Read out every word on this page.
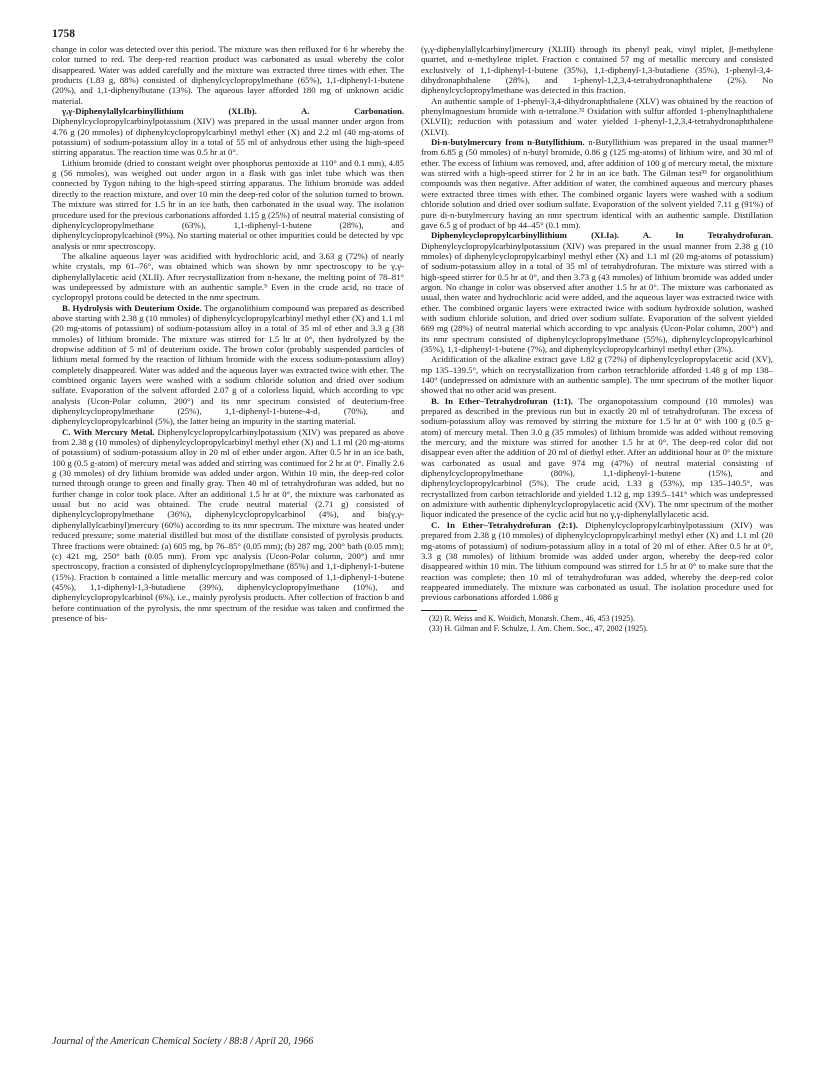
1758

change in color was detected over this period. The mixture was then refluxed for 6 hr whereby the color turned to red. The deep-red reaction product was carbonated as usual whereby the color disappeared. Water was added carefully and the mixture was extracted three times with ether. The products (1.83 g, 88%) consisted of diphenylcyclopropylmethane (65%), 1,1-diphenyl-1-butene (20%), and 1,1-diphenylbutane (13%). The aqueous layer afforded 180 mg of unknown acidic material.

γ,γ-Diphenylallylcarbinyllithium (XLIb). A. Carbonation. Diphenylcyclopropylcarbinylpotassium (XIV) was prepared in the usual manner under argon from 4.76 g (20 mmoles) of diphenylcyclopropylcarbinyl methyl ether (X) and 2.2 ml (40 mg-atoms of potassium) of sodium-potassium alloy in a total of 55 ml of anhydrous ether using the high-speed stirring apparatus. The reaction time was 0.5 hr at 0°.

Lithium bromide (dried to constant weight over phosphorus pentoxide at 110° and 0.1 mm), 4.85 g (56 mmoles), was weighed out under argon in a flask with gas inlet tube which was then connected by Tygon tubing to the high-speed stirring apparatus. The lithium bromide was added directly to the reaction mixture, and over 10 min the deep-red color of the solution turned to brown. The mixture was stirred for 1.5 hr in an ice bath, then carbonated in the usual way. The isolation procedure used for the previous carbonations afforded 1.15 g (25%) of neutral material consisting of diphenylcyclopropylmethane (63%), 1,1-diphenyl-1-butene (28%), and diphenylcyclopropylcarbinol (9%). No starting material or other impurities could be detected by vpc analysis or nmr spectroscopy.

The alkaline aqueous layer was acidified with hydrochloric acid, and 3.63 g (72%) of nearly white crystals, mp 61–76°, was obtained which was shown by nmr spectroscopy to be γ,γ-diphenylallylacetic acid (XLII). After recrystallization from n-hexane, the melting point of 78–81° was undepressed by admixture with an authentic sample.⁵ Even in the crude acid, no trace of cyclopropyl protons could be detected in the nmr spectrum.

B. Hydrolysis with Deuterium Oxide. The organolithium compound was prepared as described above starting with 2.38 g (10 mmoles) of diphenylcyclopropylcarbinyl methyl ether (X) and 1.1 ml (20 mg-atoms of potassium) of sodium-potassium alloy in a total of 35 ml of ether and 3.3 g (38 mmoles) of lithium bromide. The mixture was stirred for 1.5 hr at 0°, then hydrolyzed by the dropwise addition of 5 ml of deuterium oxide. The brown color (probably suspended particles of lithium metal formed by the reaction of lithium bromide with the excess sodium-potassium alloy) completely disappeared. Water was added and the aqueous layer was extracted twice with ether. The combined organic layers were washed with a sodium chloride solution and dried over sodium sulfate. Evaporation of the solvent afforded 2.07 g of a colorless liquid, which according to vpc analysis (Ucon-Polar column, 200°) and its nmr spectrum consisted of deuterium-free diphenylcyclopropylmethane (25%), 1,1-diphenyl-1-butene-4-d₁ (70%), and diphenylcyclopropylcarbinol (5%), the latter being an impurity in the starting material.

C. With Mercury Metal. Diphenylcyclopropylcarbinylpotassium (XIV) was prepared as above from 2.38 g (10 mmoles) of diphenylcyclopropylcarbinyl methyl ether (X) and 1.1 ml (20 mg-atoms of potassium) of sodium-potassium alloy in 20 ml of ether under argon. After 0.5 hr in an ice bath, 100 g (0.5 g-atom) of mercury metal was added and stirring was continued for 2 hr at 0°. Finally 2.6 g (30 mmoles) of dry lithium bromide was added under argon. Within 10 min, the deep-red color turned through orange to green and finally gray. Then 40 ml of tetrahydrofuran was added, but no further change in color took place. After an additional 1.5 hr at 0°, the mixture was carbonated as usual but no acid was obtained. The crude neutral material (2.71 g) consisted of diphenylcyclopropylmethane (36%), diphenylcyclopropylcarbinol (4%), and bis(γ,γ-diphenylallylcarbinyl)mercury (60%) according to its nmr spectrum. The mixture was heated under reduced pressure; some material distilled but most of the distillate consisted of pyrolysis products. Three fractions were obtained: (a) 605 mg, bp 76–85° (0.05 mm); (b) 287 mg, 200° bath (0.05 mm); (c) 421 mg, 250° bath (0.05 mm). From vpc analysis (Ucon-Polar column, 200°) and nmr spectroscopy, fraction a consisted of diphenylcyclopropylmethane (85%) and 1,1-diphenyl-1-butene (15%). Fraction b contained a little metallic mercury and was composed of 1,1-diphenyl-1-butene (45%), 1,1-diphenyl-1,3-butadiene (39%), diphenylcyclopropylmethane (10%), and diphenylcyclopropylcarbinol (6%), i.e., mainly pyrolysis products. After collection of fraction b and before continuation of the pyrolysis, the nmr spectrum of the residue was taken and confirmed the presence of bis-

(γ,γ-diphenylallylcarbinyl)mercury (XLIII) through its phenyl peak, vinyl triplet, β-methylene quartet, and α-methylene triplet. Fraction c contained 57 mg of metallic mercury and consisted exclusively of 1,1-diphenyl-1-butene (35%), 1,1-diphenyl-1,3-butadiene (35%), 1-phenyl-3,4-dihydronaphthalene (28%), and 1-phenyl-1,2,3,4-tetrahydronaphthalene (2%). No diphenylcyclopropylmethane was detected in this fraction.

An authentic sample of 1-phenyl-3,4-dihydronaphthalene (XLV) was obtained by the reaction of phenylmagnesium bromide with α-tetralone.³² Oxidation with sulfur afforded 1-phenylnaphthalene (XLVII); reduction with potassium and water yielded 1-phenyl-1,2,3,4-tetrahydronaphthalene (XLVI).

Di-n-butylmercury from n-Butyllithium. n-Butyllithium was prepared in the usual manner³³ from 6.85 g (50 mmoles) of n-butyl bromide, 0.86 g (125 mg-atoms) of lithium wire, and 30 ml of ether. The excess of lithium was removed, and, after addition of 100 g of mercury metal, the mixture was stirred with a high-speed stirrer for 2 hr in an ice bath. The Gilman test³³ for organolithium compounds was then negative. After addition of water, the combined aqueous and mercury phases were extracted three times with ether. The combined organic layers were washed with a sodium chloride solution and dried over sodium sulfate. Evaporation of the solvent yielded 7.11 g (91%) of pure di-n-butylmercury having an nmr spectrum identical with an authentic sample. Distillation gave 6.5 g of product of bp 44–45° (0.1 mm).

Diphenylcyclopropylcarbinyllithium (XLIa). A. In Tetrahydrofuran. Diphenylcyclopropylcarbinylpotassium (XIV) was prepared in the usual manner from 2.38 g (10 mmoles) of diphenylcyclopropylcarbinyl methyl ether (X) and 1.1 ml (20 mg-atoms of potassium) of sodium-potassium alloy in a total of 35 ml of tetrahydrofuran. The mixture was stirred with a high-speed stirrer for 0.5 hr at 0°, and then 3.73 g (43 mmoles) of lithium bromide was added under argon. No change in color was observed after another 1.5 hr at 0°. The mixture was carbonated as usual, then water and hydrochloric acid were added, and the aqueous layer was extracted twice with ether. The combined organic layers were extracted twice with sodium hydroxide solution, washed with sodium chloride solution, and dried over sodium sulfate. Evaporation of the solvent yielded 669 mg (28%) of neutral material which according to vpc analysis (Ucon-Polar column, 200°) and its nmr spectrum consisted of diphenylcyclopropylmethane (55%), diphenylcyclopropylcarbinol (35%), 1,1-diphenyl-1-butene (7%), and diphenylcyclopropylcarbinyl methyl ether (3%).

Acidification of the alkaline extract gave 1.82 g (72%) of diphenylcyclopropylacetic acid (XV), mp 135–139.5°, which on recrystallization from carbon tetrachloride afforded 1.48 g of mp 138–140° (undepressed on admixture with an authentic sample). The nmr spectrum of the mother liquor showed that no other acid was present.

B. In Ether–Tetrahydrofuran (1:1). The organopotassium compound (10 mmoles) was prepared as described in the previous run but in exactly 20 ml of tetrahydrofuran. The excess of sodium-potassium alloy was removed by stirring the mixture for 1.5 hr at 0° with 100 g (0.5 g-atom) of mercury metal. Then 3.0 g (35 mmoles) of lithium bromide was added without removing the mercury, and the mixture was stirred for another 1.5 hr at 0°. The deep-red color did not disappear even after the addition of 20 ml of diethyl ether. After an additional hour at 0° the mixture was carbonated as usual and gave 974 mg (47%) of neutral material consisting of diphenylcyclopropylmethane (80%), 1,1-diphenyl-1-butene (15%), and diphenylcyclopropylcarbinol (5%). The crude acid, 1.33 g (53%), mp 135–140.5°, was recrystallized from carbon tetrachloride and yielded 1.12 g, mp 139.5–141° which was undepressed on admixture with authentic diphenylcyclopropylacetic acid (XV). The nmr spectrum of the mother liquor indicated the presence of the cyclic acid but no γ,γ-diphenylallylacetic acid.

C. In Ether–Tetrahydrofuran (2:1). Diphenylcyclopropylcarbinylpotassium (XIV) was prepared from 2.38 g (10 mmoles) of diphenylcyclopropylcarbinyl methyl ether (X) and 1.1 ml (20 mg-atoms of potassium) of sodium-potassium alloy in a total of 20 ml of ether. After 0.5 hr at 0°, 3.3 g (38 mmoles) of lithium bromide was added under argon, whereby the deep-red color disappeared within 10 min. The lithium compound was stirred for 1.5 hr at 0° to make sure that the reaction was complete; then 10 ml of tetrahydrofuran was added, whereby the deep-red color reappeared immediately. The mixture was carbonated as usual. The isolation procedure used for previous carbonations afforded 1.086 g

(32) R. Weiss and K. Woidich, Monatsh. Chem., 46, 453 (1925).

(33) H. Gilman and F. Schulze, J. Am. Chem. Soc., 47, 2002 (1925).

Journal of the American Chemical Society / 88:8 / April 20, 1966
